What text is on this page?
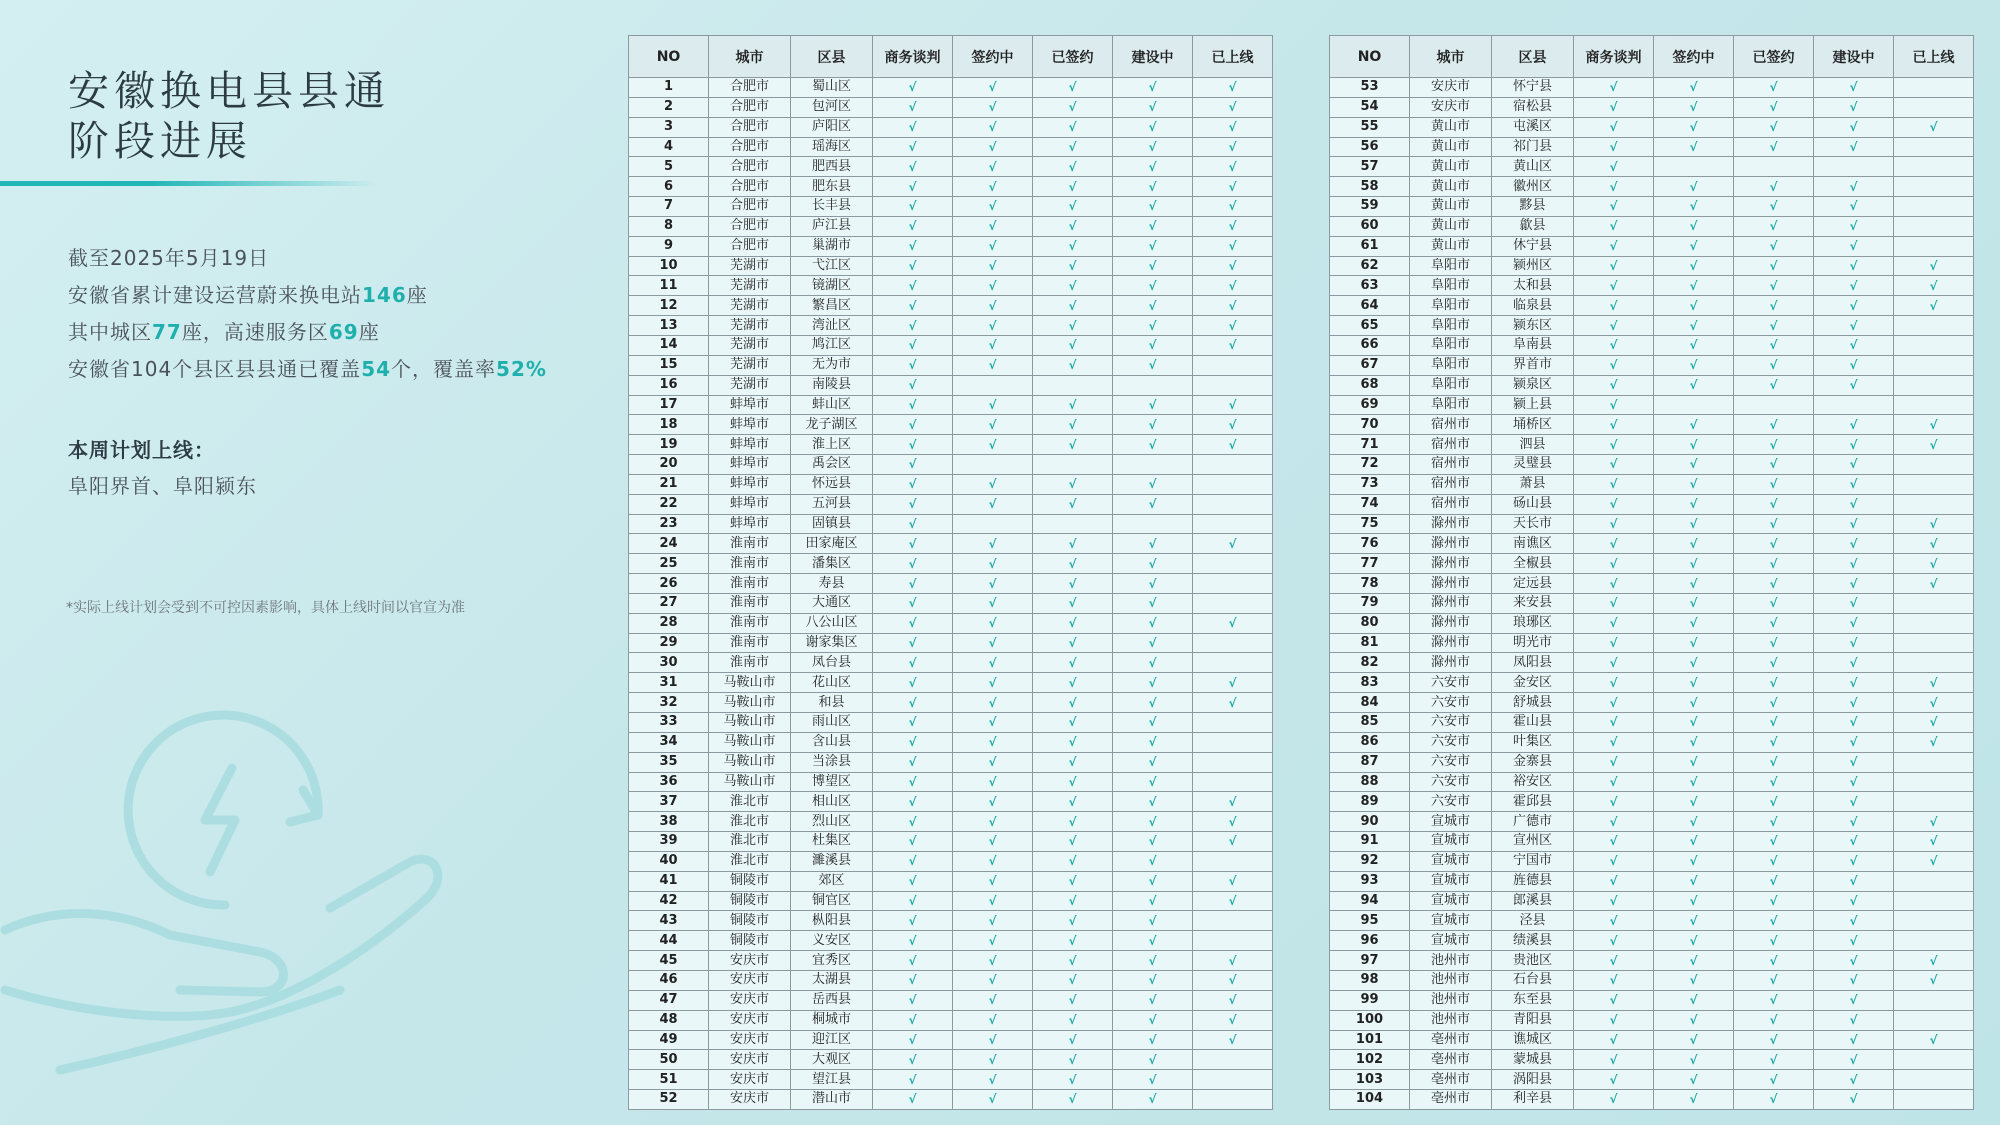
安徽换电县县通
阶段进展
截至2025年5月19日
安徽省累计建设运营蔚来换电站146座
其中城区77座，高速服务区69座
安徽省104个县区县县通已覆盖54个，覆盖率52%
本周计划上线：
阜阳界首、阜阳颍东
*实际上线计划会受到不可控因素影响，具体上线时间以官宣为准
NO	城市	区县	商务谈判	签约中	已签约	建设中	已上线
1	合肥市	蜀山区	√	√	√	√	√
2	合肥市	包河区	√	√	√	√	√
3	合肥市	庐阳区	√	√	√	√	√
4	合肥市	瑶海区	√	√	√	√	√
5	合肥市	肥西县	√	√	√	√	√
6	合肥市	肥东县	√	√	√	√	√
7	合肥市	长丰县	√	√	√	√	√
8	合肥市	庐江县	√	√	√	√	√
9	合肥市	巢湖市	√	√	√	√	√
10	芜湖市	弋江区	√	√	√	√	√
11	芜湖市	镜湖区	√	√	√	√	√
12	芜湖市	繁昌区	√	√	√	√	√
13	芜湖市	湾沚区	√	√	√	√	√
14	芜湖市	鸠江区	√	√	√	√	√
15	芜湖市	无为市	√	√	√	√	
16	芜湖市	南陵县	√				
17	蚌埠市	蚌山区	√	√	√	√	√
18	蚌埠市	龙子湖区	√	√	√	√	√
19	蚌埠市	淮上区	√	√	√	√	√
20	蚌埠市	禹会区	√				
21	蚌埠市	怀远县	√	√	√	√	
22	蚌埠市	五河县	√	√	√	√	
23	蚌埠市	固镇县	√				
24	淮南市	田家庵区	√	√	√	√	√
25	淮南市	潘集区	√	√	√	√	
26	淮南市	寿县	√	√	√	√	
27	淮南市	大通区	√	√	√	√	
28	淮南市	八公山区	√	√	√	√	√
29	淮南市	谢家集区	√	√	√	√	
30	淮南市	凤台县	√	√	√	√	
31	马鞍山市	花山区	√	√	√	√	√
32	马鞍山市	和县	√	√	√	√	√
33	马鞍山市	雨山区	√	√	√	√	
34	马鞍山市	含山县	√	√	√	√	
35	马鞍山市	当涂县	√	√	√	√	
36	马鞍山市	博望区	√	√	√	√	
37	淮北市	相山区	√	√	√	√	√
38	淮北市	烈山区	√	√	√	√	√
39	淮北市	杜集区	√	√	√	√	√
40	淮北市	濉溪县	√	√	√	√	
41	铜陵市	郊区	√	√	√	√	√
42	铜陵市	铜官区	√	√	√	√	√
43	铜陵市	枞阳县	√	√	√	√	
44	铜陵市	义安区	√	√	√	√	
45	安庆市	宜秀区	√	√	√	√	√
46	安庆市	太湖县	√	√	√	√	√
47	安庆市	岳西县	√	√	√	√	√
48	安庆市	桐城市	√	√	√	√	√
49	安庆市	迎江区	√	√	√	√	√
50	安庆市	大观区	√	√	√	√	
51	安庆市	望江县	√	√	√	√	
52	安庆市	潜山市	√	√	√	√	
NO	城市	区县	商务谈判	签约中	已签约	建设中	已上线
53	安庆市	怀宁县	√	√	√	√	
54	安庆市	宿松县	√	√	√	√	
55	黄山市	屯溪区	√	√	√	√	√
56	黄山市	祁门县	√	√	√	√	
57	黄山市	黄山区	√				
58	黄山市	徽州区	√	√	√	√	
59	黄山市	黟县	√	√	√	√	
60	黄山市	歙县	√	√	√	√	
61	黄山市	休宁县	√	√	√	√	
62	阜阳市	颍州区	√	√	√	√	√
63	阜阳市	太和县	√	√	√	√	√
64	阜阳市	临泉县	√	√	√	√	√
65	阜阳市	颍东区	√	√	√	√	
66	阜阳市	阜南县	√	√	√	√	
67	阜阳市	界首市	√	√	√	√	
68	阜阳市	颍泉区	√	√	√	√	
69	阜阳市	颍上县	√				
70	宿州市	埇桥区	√	√	√	√	√
71	宿州市	泗县	√	√	√	√	√
72	宿州市	灵璧县	√	√	√	√	
73	宿州市	萧县	√	√	√	√	
74	宿州市	砀山县	√	√	√	√	
75	滁州市	天长市	√	√	√	√	√
76	滁州市	南谯区	√	√	√	√	√
77	滁州市	全椒县	√	√	√	√	√
78	滁州市	定远县	√	√	√	√	√
79	滁州市	来安县	√	√	√	√	
80	滁州市	琅琊区	√	√	√	√	
81	滁州市	明光市	√	√	√	√	
82	滁州市	凤阳县	√	√	√	√	
83	六安市	金安区	√	√	√	√	√
84	六安市	舒城县	√	√	√	√	√
85	六安市	霍山县	√	√	√	√	√
86	六安市	叶集区	√	√	√	√	√
87	六安市	金寨县	√	√	√	√	
88	六安市	裕安区	√	√	√	√	
89	六安市	霍邱县	√	√	√	√	
90	宣城市	广德市	√	√	√	√	√
91	宣城市	宣州区	√	√	√	√	√
92	宣城市	宁国市	√	√	√	√	√
93	宣城市	旌德县	√	√	√	√	
94	宣城市	郎溪县	√	√	√	√	
95	宣城市	泾县	√	√	√	√	
96	宣城市	绩溪县	√	√	√	√	
97	池州市	贵池区	√	√	√	√	√
98	池州市	石台县	√	√	√	√	√
99	池州市	东至县	√	√	√	√	
100	池州市	青阳县	√	√	√	√	
101	亳州市	谯城区	√	√	√	√	√
102	亳州市	蒙城县	√	√	√	√	
103	亳州市	涡阳县	√	√	√	√	
104	亳州市	利辛县	√	√	√	√	
